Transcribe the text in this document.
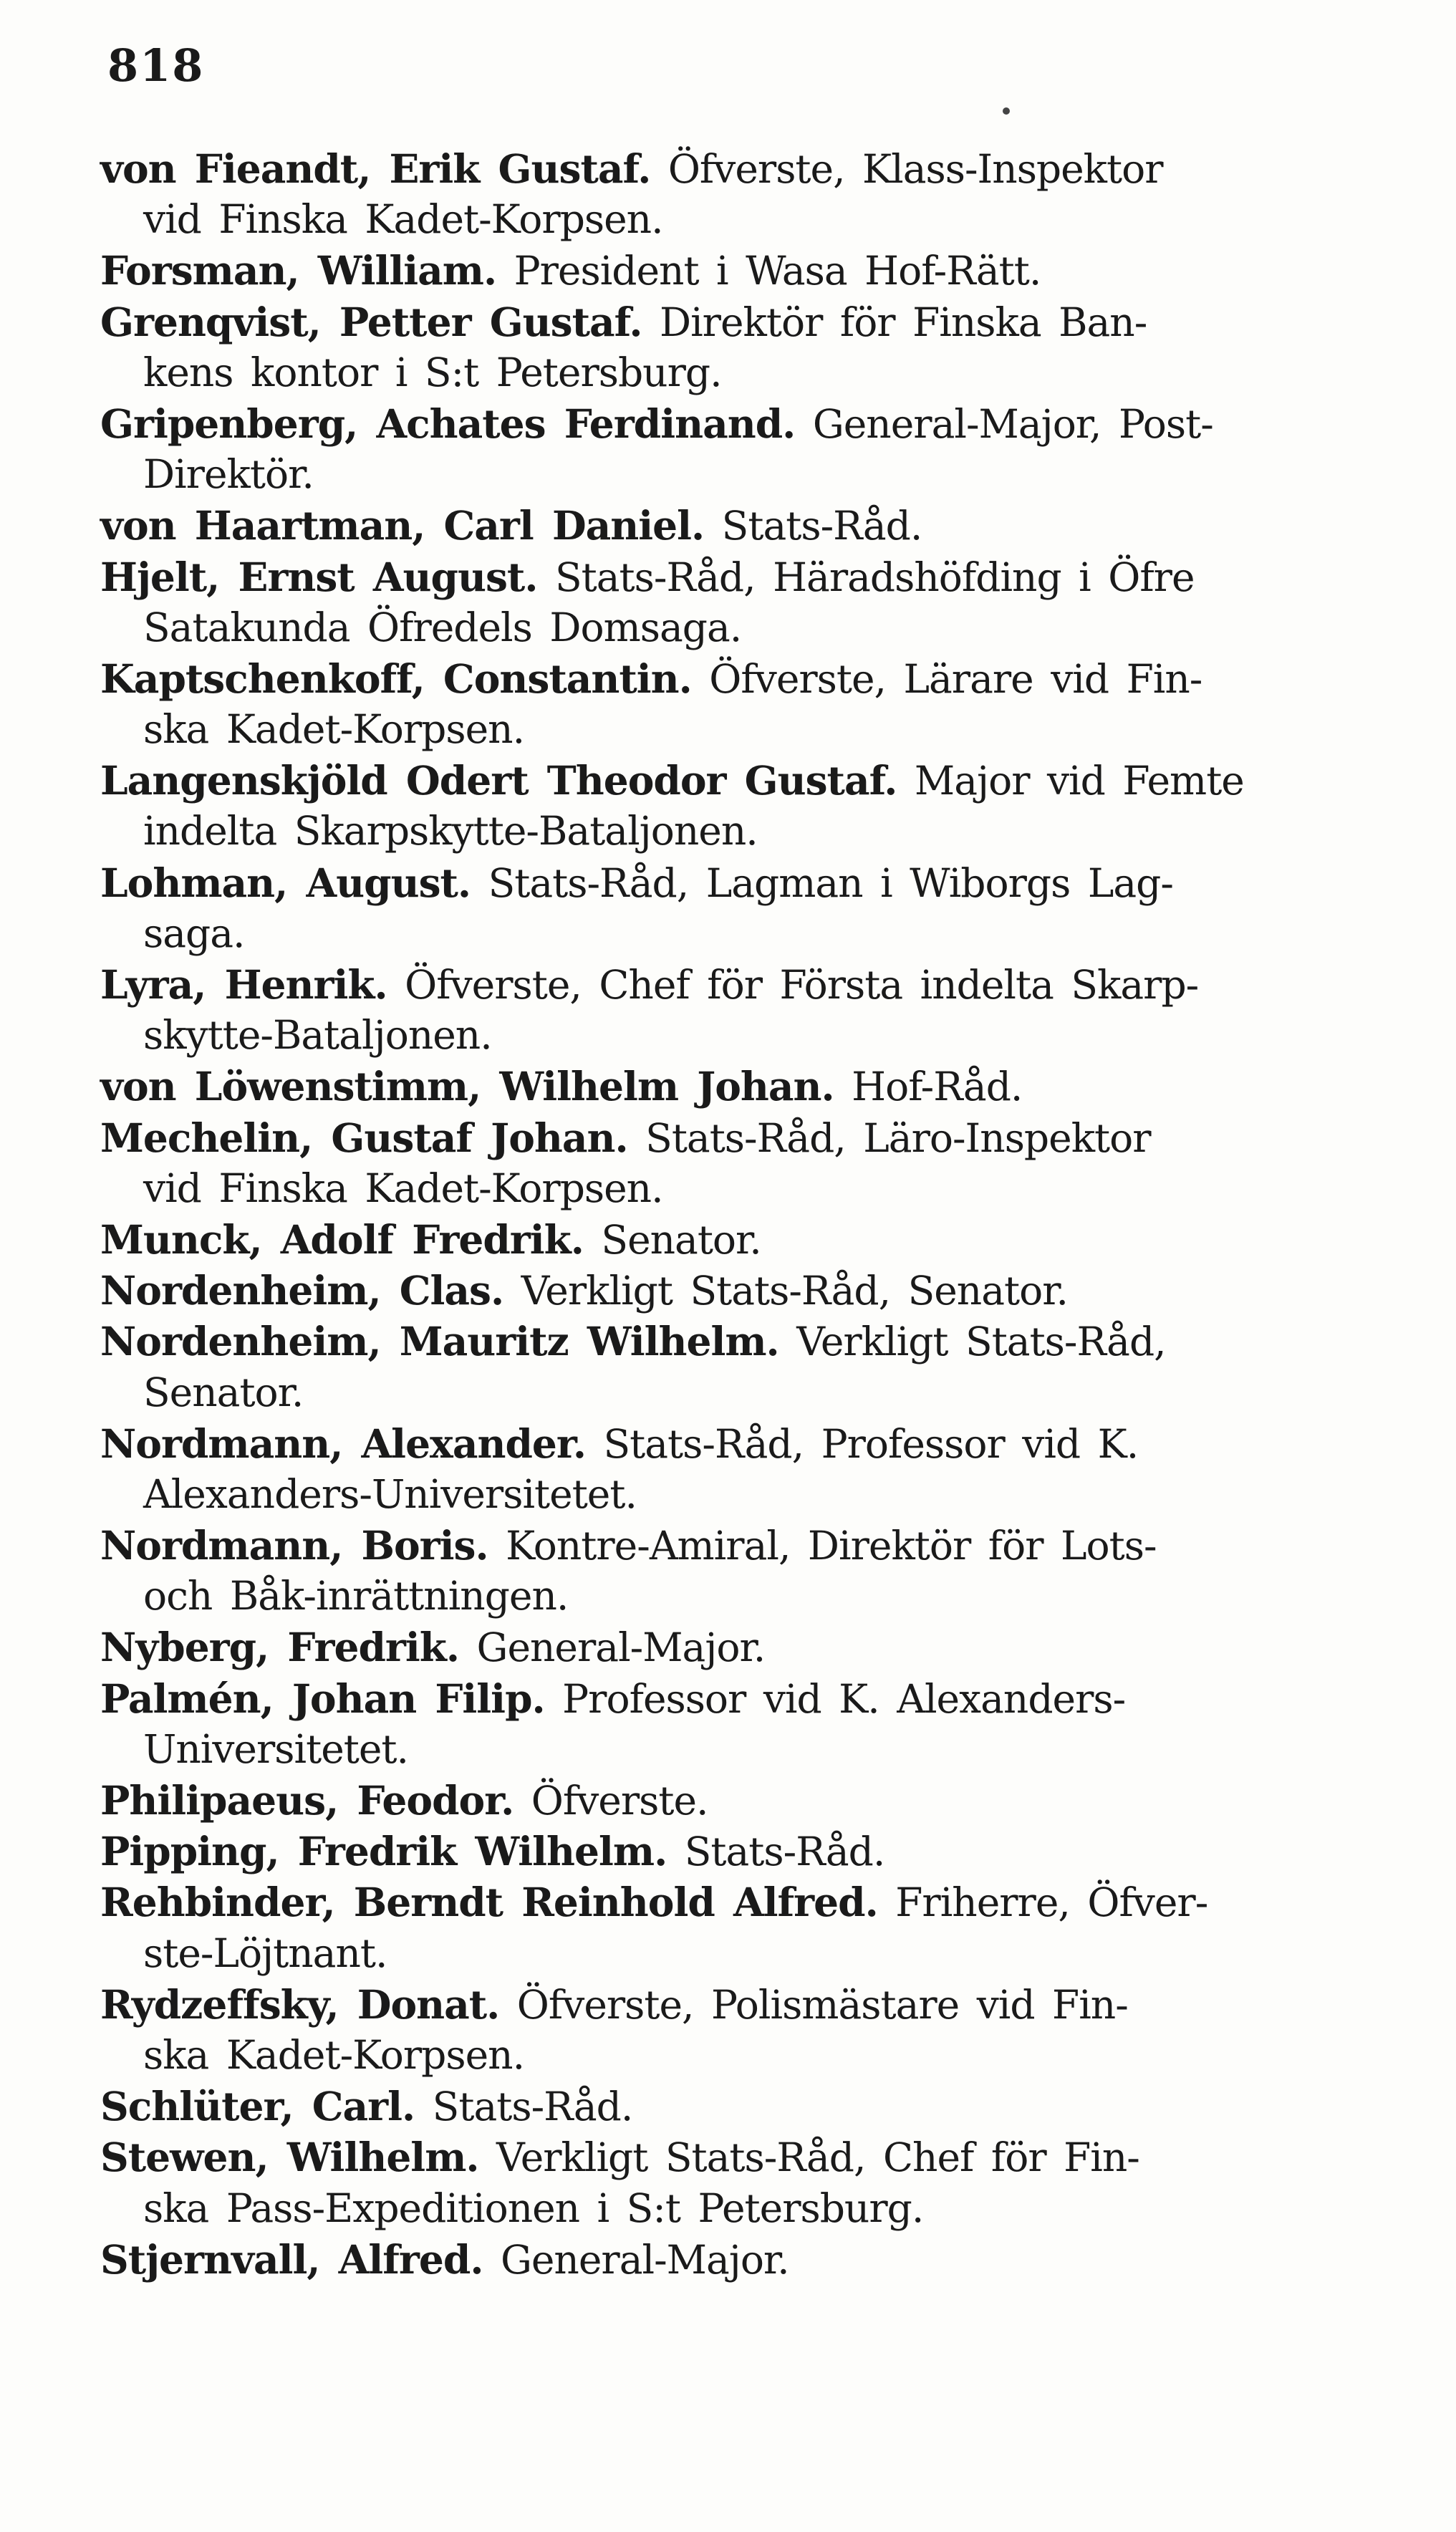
818
von Fieandt, Erik Gustaf. Öfverste, Klass-Inspektor
vid Finska Kadet-Korpsen.
Forsman, William. President i Wasa Hof-Rätt.
Grenqvist, Petter Gustaf. Direktör för Finska Ban-
kens kontor i S:t Petersburg.
Gripenberg, Achates Ferdinand. General-Major, Post-
Direktör.
von Haartman, Carl Daniel. Stats-Råd.
Hjelt, Ernst August. Stats-Råd, Häradshöfding i Öfre
Satakunda Öfredels Domsaga.
Kaptschenkoff, Constantin. Öfverste, Lärare vid Fin-
ska Kadet-Korpsen.
Langenskjöld Odert Theodor Gustaf. Major vid Femte
indelta Skarpskytte-Bataljonen.
Lohman, August. Stats-Råd, Lagman i Wiborgs Lag-
saga.
Lyra, Henrik. Öfverste, Chef för Första indelta Skarp-
skytte-Bataljonen.
von Löwenstimm, Wilhelm Johan. Hof-Råd.
Mechelin, Gustaf Johan. Stats-Råd, Läro-Inspektor
vid Finska Kadet-Korpsen.
Munck, Adolf Fredrik. Senator.
Nordenheim, Clas. Verkligt Stats-Råd, Senator.
Nordenheim, Mauritz Wilhelm. Verkligt Stats-Råd,
Senator.
Nordmann, Alexander. Stats-Råd, Professor vid K.
Alexanders-Universitetet.
Nordmann, Boris. Kontre-Amiral, Direktör för Lots-
och Båk-inrättningen.
Nyberg, Fredrik. General-Major.
Palmén, Johan Filip. Professor vid K. Alexanders-
Universitetet.
Philipaeus, Feodor. Öfverste.
Pipping, Fredrik Wilhelm. Stats-Råd.
Rehbinder, Berndt Reinhold Alfred. Friherre, Öfver-
ste-Löjtnant.
Rydzeffsky, Donat. Öfverste, Polismästare vid Fin-
ska Kadet-Korpsen.
Schlüter, Carl. Stats-Råd.
Stewen, Wilhelm. Verkligt Stats-Råd, Chef för Fin-
ska Pass-Expeditionen i S:t Petersburg.
Stjernvall, Alfred. General-Major.
